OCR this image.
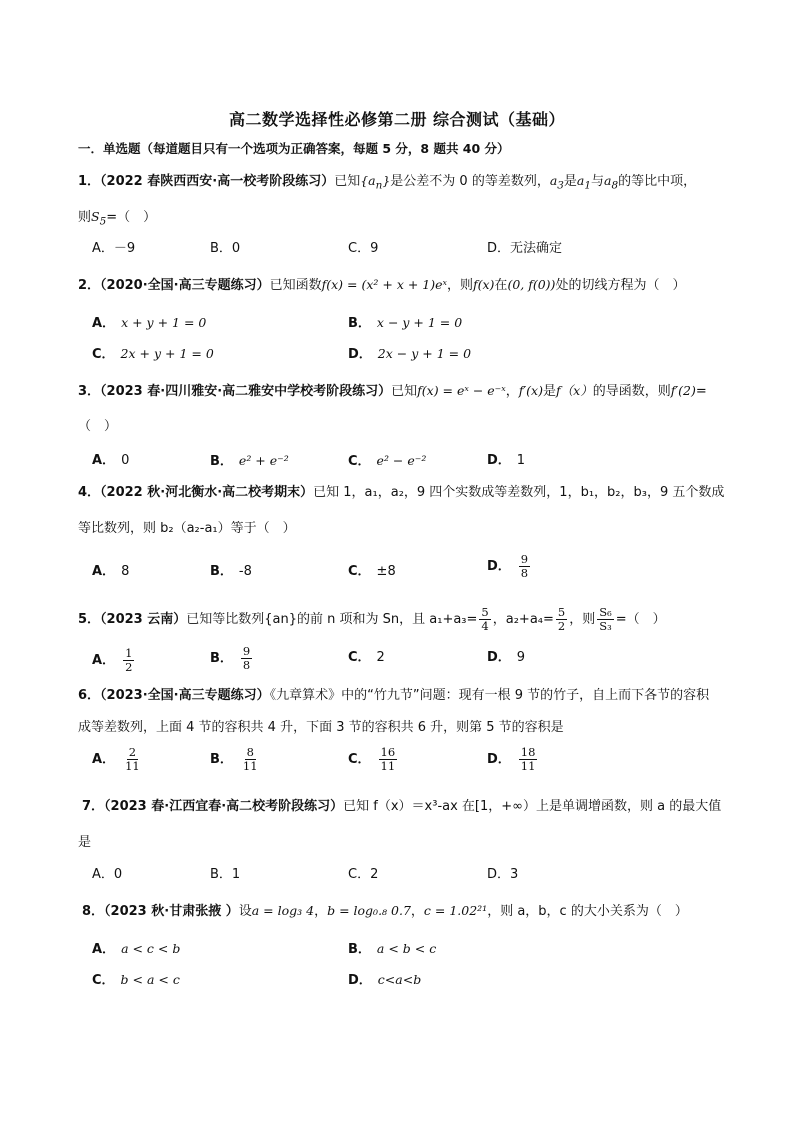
高二数学选择性必修第二册 综合测试（基础）
一．单选题（每道题目只有一个选项为正确答案，每题 5 分，8 题共 40 分）
1．（2022 春陕西西安·高一校考阶段练习）已知$\{a_n\}$是公差不为 0 的等差数列，$a_3$是$a_1$与$a_8$的等比中项，
则$S_5=$（　）
A．－9	B．0	C．9	D．无法确定
2．（2020·全国·高三专题练习）已知函数f(x) = (x² + x + 1)eˣ，则f(x)在(0, f(0))处的切线方程为（　）
A． x + y + 1 = 0	B． x − y + 1 = 0
C． 2x + y + 1 = 0	D． 2x − y + 1 = 0
3．（2023 春·四川雅安·高二雅安中学校考阶段练习）已知f(x) = eˣ − e⁻ˣ，f′(x)是f（x）的导函数，则f′(2)=
（　）
A． 0	B． e² + e⁻²	C． e² − e⁻²	D． 1
4．（2022 秋·河北衡水·高二校考期末）已知 1，a₁，a₂，9 四个实数成等差数列，1，b₁，b₂，b₃，9 五个数成
等比数列，则 b₂（a₂-a₁）等于（　）
A． 8	B． -8	C． ±8	D． $\frac{9}{8}$
5．（2023 云南）已知等比数列{an}的前 n 项和为 Sn，且 $a_1+a_3= \frac{5}{4}$ ，$a_2+a_4= \frac{5}{2}$ ，则 $\frac{\text{S₆}}{\text{S₃}}$ =（　）
A． $\frac{1}{2}$	B． $\frac{9}{8}$	C． 2	D． 9
6．（2023·全国·高三专题练习）《九章算术》中的“竹九节”问题：现有一根 9 节的竹子，自上而下各节的容积
成等差数列，上面 4 节的容积共 4 升，下面 3 节的容积共 6 升，则第 5 节的容积是
A． $\frac{2}{11}$	B． $\frac{8}{11}$	C． $\frac{16}{11}$	D． $\frac{18}{11}$
7．（2023 春·江西宜春·高二校考阶段练习）已知 f（x）＝x³-ax 在[1，+∞）上是单调增函数，则 a 的最大值
是
A．0	B．1	C．2	D．3
8．（2023 秋·甘肃张掖 ）设a = log₃ 4，b = log₀.₈ 0.7，c = 1.02²¹，则 a，b，c 的大小关系为（　）
A． a < c < b	B． a < b < c
C． b < a < c	D． c<a<b
